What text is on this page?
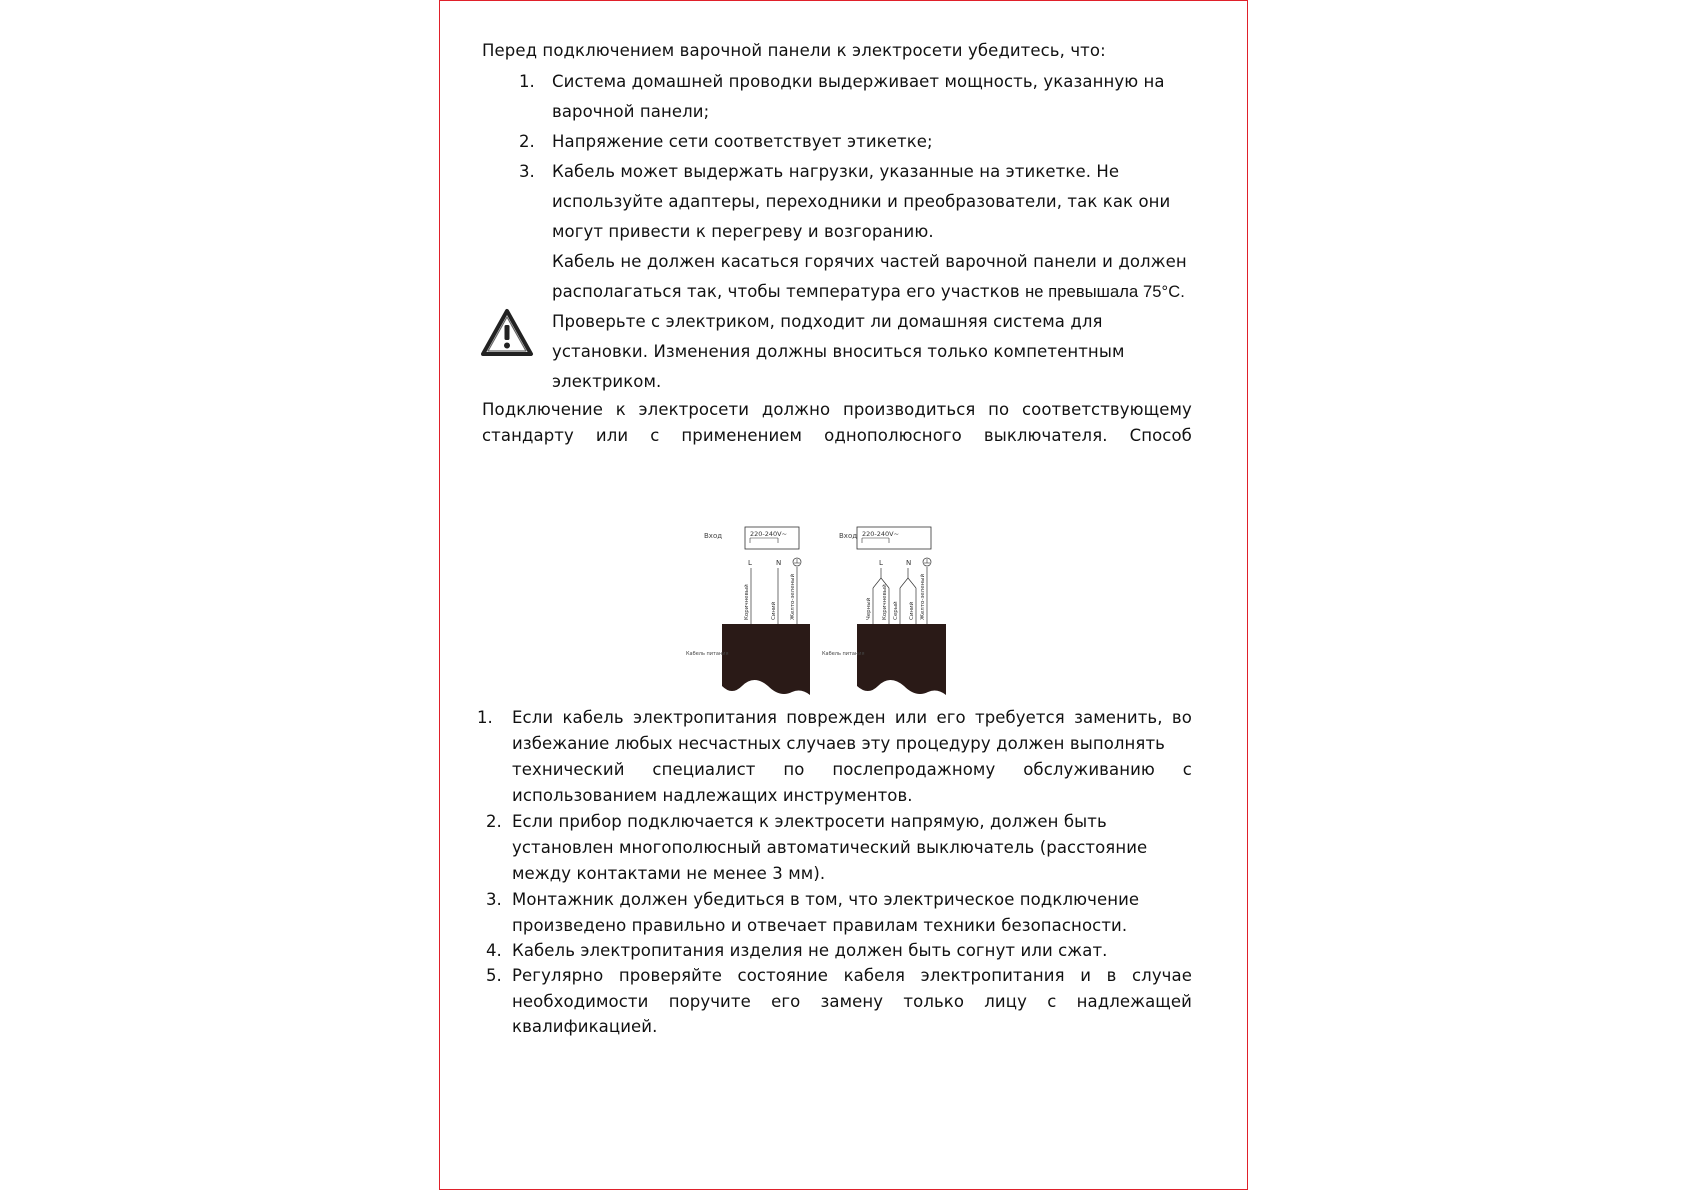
Перед подключением варочной панели к электросети убедитесь, что:
1. Система домашней проводки выдерживает мощность, указанную на
варочной панели;
2. Напряжение сети соответствует этикетке;
3. Кабель может выдержать нагрузки, указанные на этикетке. Не
используйте адаптеры, переходники и преобразователи, так как они
могут привести к перегреву и возгоранию.
Кабель не должен касаться горячих частей варочной панели и должен
располагаться так, чтобы температура его участков не превышала 75°C.
Проверьте с электриком, подходит ли домашняя система для
установки. Изменения должны вноситься только компетентным
электриком.
Подключение к электросети должно производиться по соответствующему
стандарту или с применением однополюсного выключателя. Способ
Вход	220-240V~
L	N
Коричневый	Синий Желто-зеленый
Кабель питания
Вход 220-240V~
L	N
Черный Коричневый Серый Синий Желто-зеленый
Кабель питания
1. Если кабель электропитания поврежден или его требуется заменить, во
избежание любых несчастных случаев эту процедуру должен выполнять
технический специалист по послепродажному обслуживанию с
использованием надлежащих инструментов.
2. Если прибор подключается к электросети напрямую, должен быть
установлен многополюсный автоматический выключатель (расстояние
между контактами не менее 3 мм).
3. Монтажник должен убедиться в том, что электрическое подключение
произведено правильно и отвечает правилам техники безопасности.
4. Кабель электропитания изделия не должен быть согнут или сжат.
5. Регулярно проверяйте состояние кабеля электропитания и в случае
необходимости поручите его замену только лицу с надлежащей
квалификацией.
